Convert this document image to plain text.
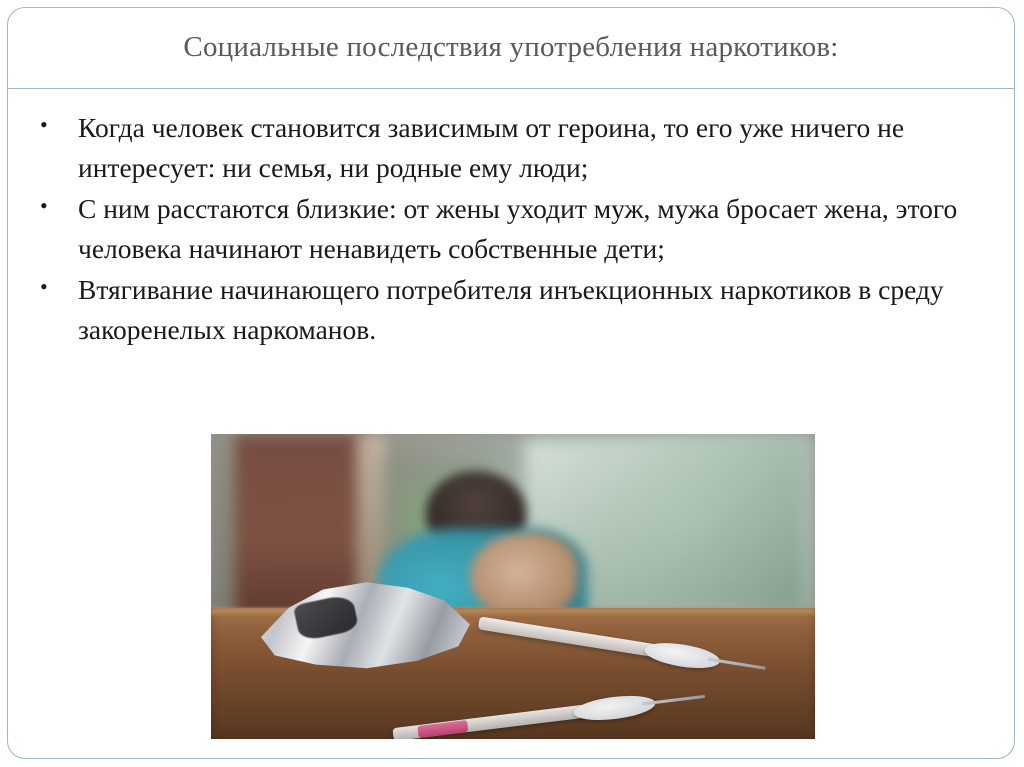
Социальные последствия употребления наркотиков:
• Когда человек становится зависимым от героина, то его уже ничего не интересует: ни семья, ни родные ему люди;
• С ним расстаются близкие: от жены уходит муж, мужа бросает жена, этого человека начинают ненавидеть собственные дети;
• Втягивание начинающего потребителя инъекционных наркотиков в среду закоренелых наркоманов.
